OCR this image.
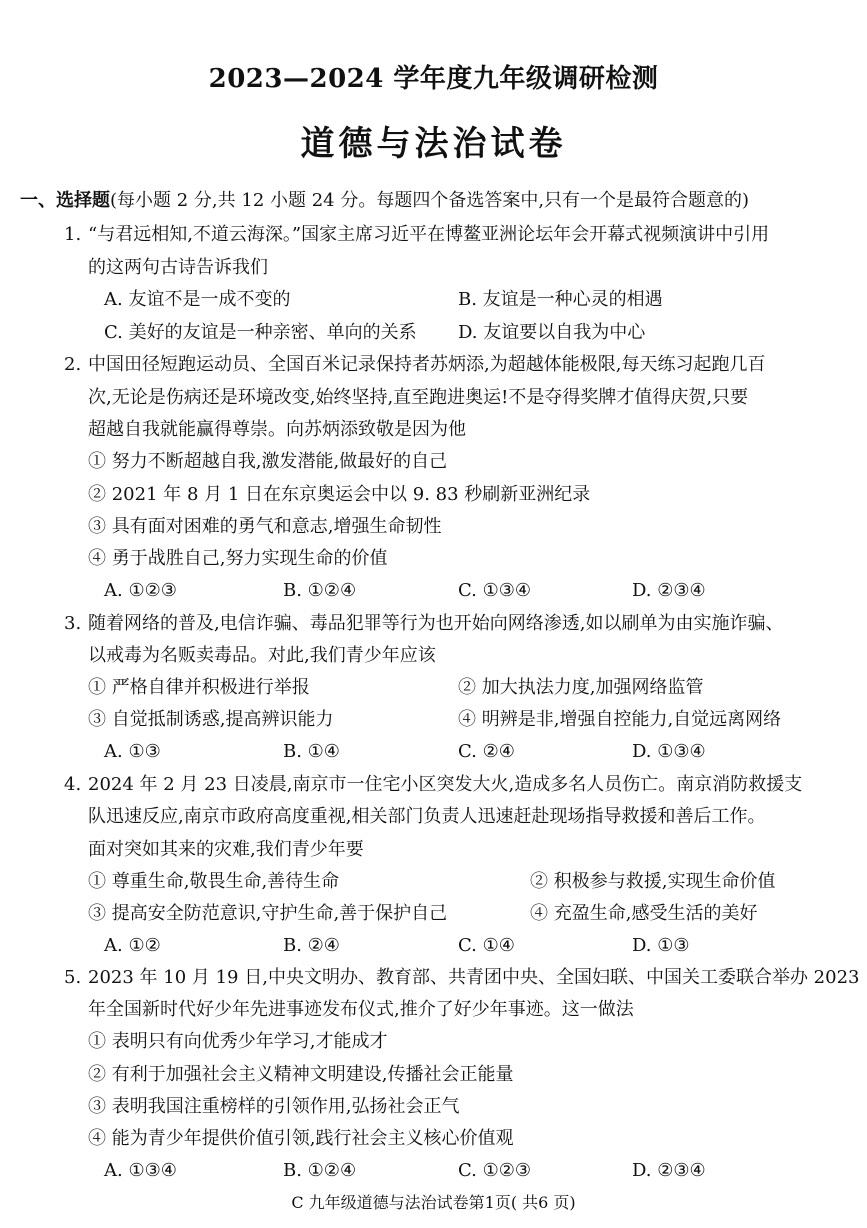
2023—2024 学年度九年级调研检测
道德与法治试卷
一、选择题(每小题 2 分,共 12 小题 24 分。每题四个备选答案中,只有一个是最符合题意的)
1. “与君远相知,不道云海深。”国家主席习近平在博鳌亚洲论坛年会开幕式视频演讲中引用
的这两句古诗告诉我们
A. 友谊不是一成不变的	B. 友谊是一种心灵的相遇
C. 美好的友谊是一种亲密、单向的关系 D. 友谊要以自我为中心
2. 中国田径短跑运动员、全国百米记录保持者苏炳添,为超越体能极限,每天练习起跑几百
次,无论是伤病还是环境改变,始终坚持,直至跑进奥运!不是夺得奖牌才值得庆贺,只要
超越自我就能赢得尊崇。向苏炳添致敬是因为他
① 努力不断超越自我,激发潜能,做最好的自己
② 2021 年 8 月 1 日在东京奥运会中以 9. 83 秒刷新亚洲纪录
③ 具有面对困难的勇气和意志,增强生命韧性
④ 勇于战胜自己,努力实现生命的价值
A. ①②③	B. ①②④	C. ①③④	D. ②③④
3. 随着网络的普及,电信诈骗、毒品犯罪等行为也开始向网络渗透,如以刷单为由实施诈骗、
以戒毒为名贩卖毒品。对此,我们青少年应该
① 严格自律并积极进行举报	② 加大执法力度,加强网络监管
③ 自觉抵制诱惑,提高辨识能力	④ 明辨是非,增强自控能力,自觉远离网络
A. ①③	B. ①④	C. ②④	D. ①③④
4. 2024 年 2 月 23 日凌晨,南京市一住宅小区突发大火,造成多名人员伤亡。南京消防救援支
队迅速反应,南京市政府高度重视,相关部门负责人迅速赶赴现场指导救援和善后工作。
面对突如其来的灾难,我们青少年要
① 尊重生命,敬畏生命,善待生命	② 积极参与救援,实现生命价值
③ 提高安全防范意识,守护生命,善于保护自己	④ 充盈生命,感受生活的美好
A. ①②	B. ②④	C. ①④	D. ①③
5. 2023 年 10 月 19 日,中央文明办、教育部、共青团中央、全国妇联、中国关工委联合举办 2023
年全国新时代好少年先进事迹发布仪式,推介了好少年事迹。这一做法
① 表明只有向优秀少年学习,才能成才
② 有利于加强社会主义精神文明建设,传播社会正能量
③ 表明我国注重榜样的引领作用,弘扬社会正气
④ 能为青少年提供价值引领,践行社会主义核心价值观
A. ①③④	B. ①②④	C. ①②③	D. ②③④
C 九年级道德与法治试卷第1页( 共6 页)
